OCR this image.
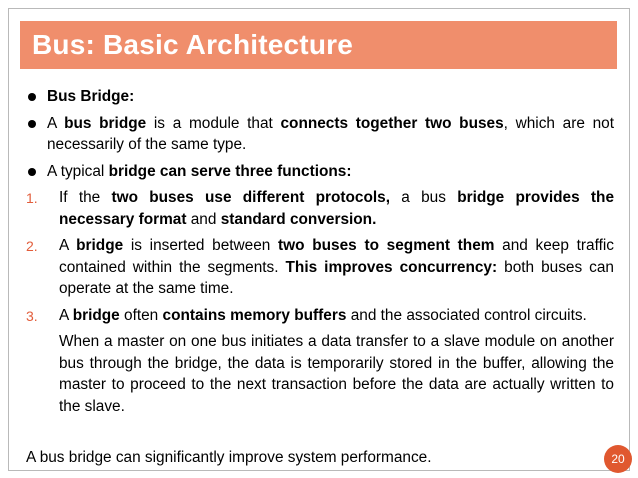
Bus: Basic Architecture
Bus Bridge:
A bus bridge is a module that connects together two buses, which are not necessarily of the same type.
A typical bridge can serve three functions:
1. If the two buses use different protocols, a bus bridge provides the necessary format and standard conversion.
2. A bridge is inserted between two buses to segment them and keep traffic contained within the segments. This improves concurrency: both buses can operate at the same time.
3. A bridge often contains memory buffers and the associated control circuits.
When a master on one bus initiates a data transfer to a slave module on another bus through the bridge, the data is temporarily stored in the buffer, allowing the master to proceed to the next transaction before the data are actually written to the slave.
A bus bridge can significantly improve system performance.	20
